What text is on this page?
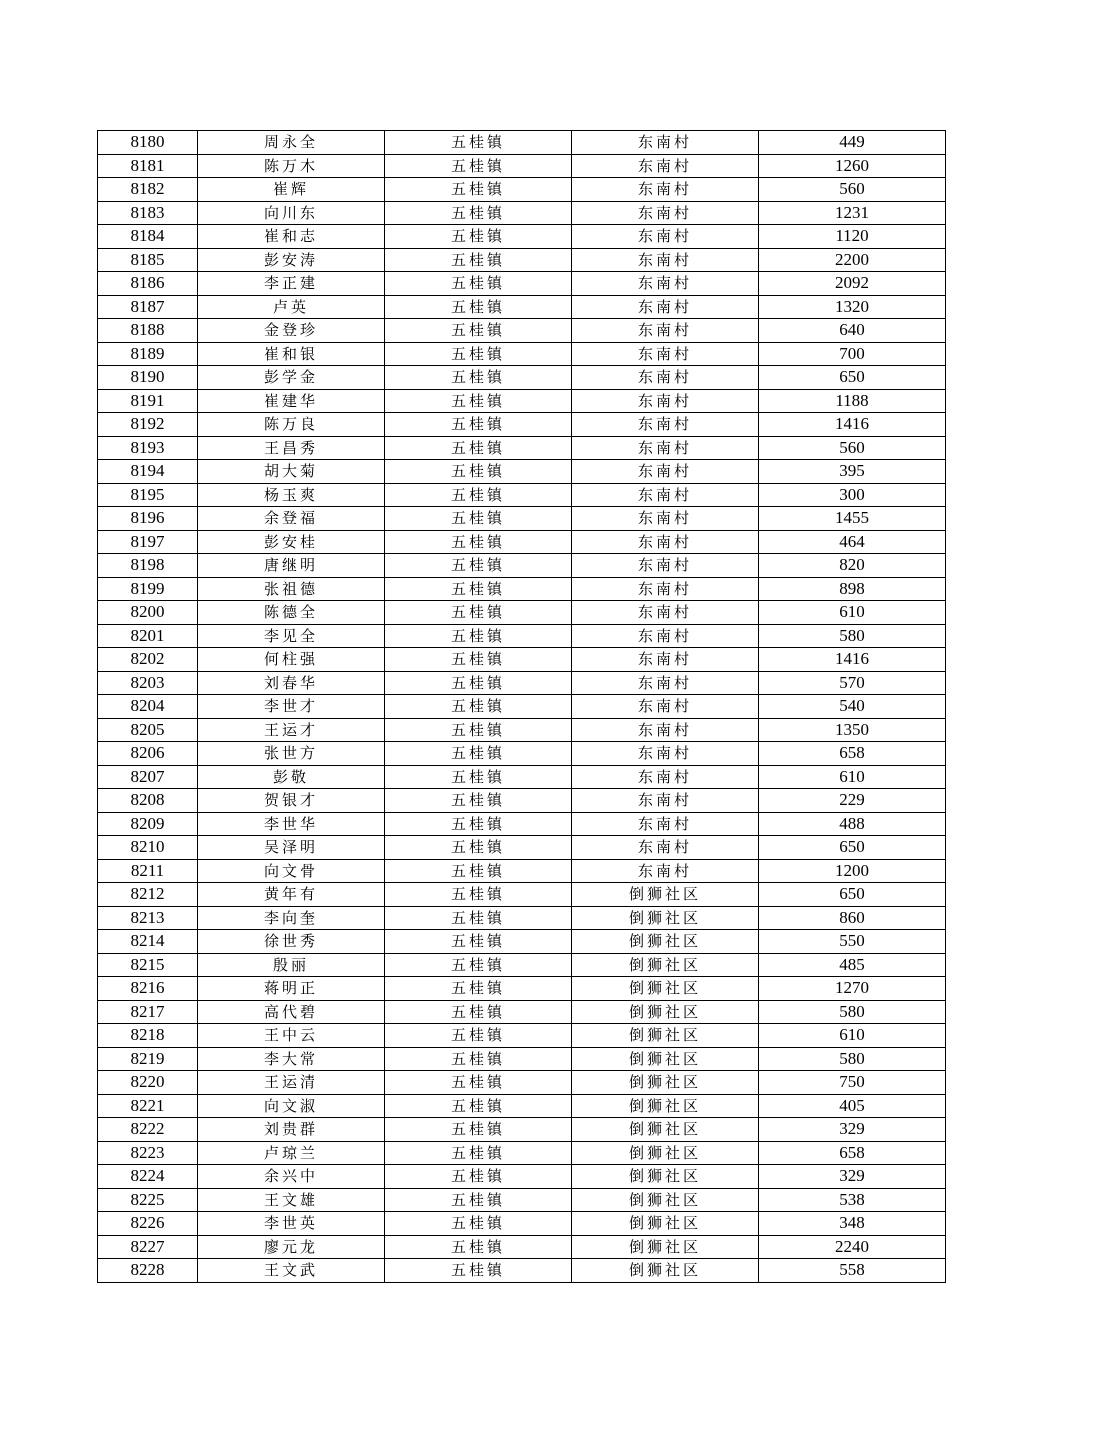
8180	周永全	五桂镇	东南村	449
8181	陈万木	五桂镇	东南村	1260
8182	崔辉	五桂镇	东南村	560
8183	向川东	五桂镇	东南村	1231
8184	崔和志	五桂镇	东南村	1120
8185	彭安涛	五桂镇	东南村	2200
8186	李正建	五桂镇	东南村	2092
8187	卢英	五桂镇	东南村	1320
8188	金登珍	五桂镇	东南村	640
8189	崔和银	五桂镇	东南村	700
8190	彭学金	五桂镇	东南村	650
8191	崔建华	五桂镇	东南村	1188
8192	陈万良	五桂镇	东南村	1416
8193	王昌秀	五桂镇	东南村	560
8194	胡大菊	五桂镇	东南村	395
8195	杨玉爽	五桂镇	东南村	300
8196	余登福	五桂镇	东南村	1455
8197	彭安桂	五桂镇	东南村	464
8198	唐继明	五桂镇	东南村	820
8199	张祖德	五桂镇	东南村	898
8200	陈德全	五桂镇	东南村	610
8201	李见全	五桂镇	东南村	580
8202	何柱强	五桂镇	东南村	1416
8203	刘春华	五桂镇	东南村	570
8204	李世才	五桂镇	东南村	540
8205	王运才	五桂镇	东南村	1350
8206	张世方	五桂镇	东南村	658
8207	彭敬	五桂镇	东南村	610
8208	贺银才	五桂镇	东南村	229
8209	李世华	五桂镇	东南村	488
8210	吴泽明	五桂镇	东南村	650
8211	向文骨	五桂镇	东南村	1200
8212	黄年有	五桂镇	倒狮社区	650
8213	李向奎	五桂镇	倒狮社区	860
8214	徐世秀	五桂镇	倒狮社区	550
8215	殷丽	五桂镇	倒狮社区	485
8216	蒋明正	五桂镇	倒狮社区	1270
8217	高代碧	五桂镇	倒狮社区	580
8218	王中云	五桂镇	倒狮社区	610
8219	李大常	五桂镇	倒狮社区	580
8220	王运清	五桂镇	倒狮社区	750
8221	向文淑	五桂镇	倒狮社区	405
8222	刘贵群	五桂镇	倒狮社区	329
8223	卢琼兰	五桂镇	倒狮社区	658
8224	余兴中	五桂镇	倒狮社区	329
8225	王文雄	五桂镇	倒狮社区	538
8226	李世英	五桂镇	倒狮社区	348
8227	廖元龙	五桂镇	倒狮社区	2240
8228	王文武	五桂镇	倒狮社区	558
